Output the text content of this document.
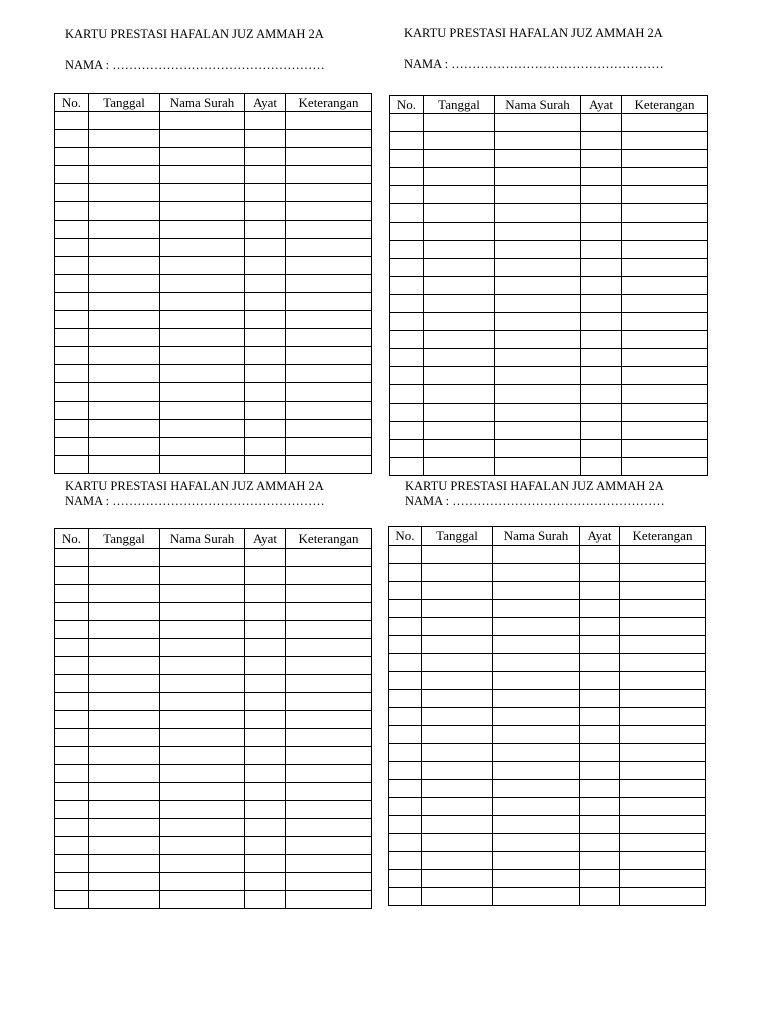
KARTU PRESTASI HAFALAN JUZ AMMAH 2A
NAMA : ……………………………………………
No.	Tanggal	Nama Surah	Ayat	Keterangan

KARTU PRESTASI HAFALAN JUZ AMMAH 2A
NAMA : ……………………………………………
No.	Tanggal	Nama Surah	Ayat	Keterangan

KARTU PRESTASI HAFALAN JUZ AMMAH 2A
NAMA : ……………………………………………
No.	Tanggal	Nama Surah	Ayat	Keterangan

KARTU PRESTASI HAFALAN JUZ AMMAH 2A
NAMA : ……………………………………………
No.	Tanggal	Nama Surah	Ayat	Keterangan
